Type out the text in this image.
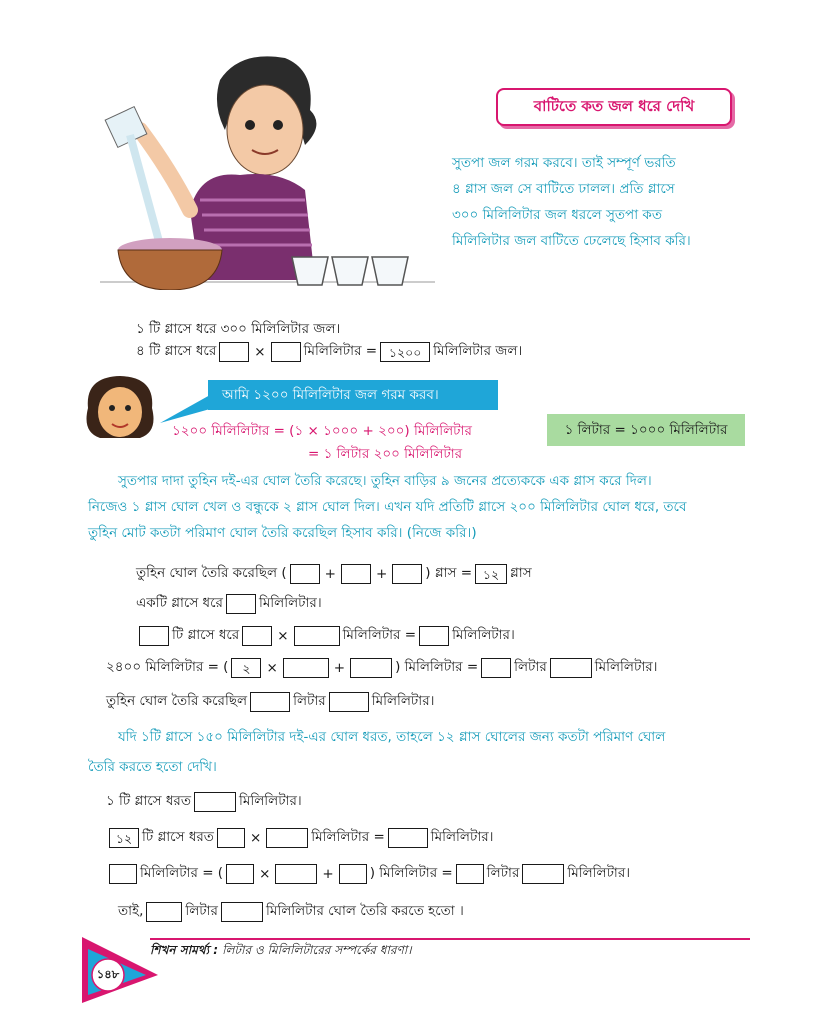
বাটিতে কত জল ধরে দেখি
সুতপা জল গরম করবে। তাই সম্পূর্ণ ভরতি
৪ গ্লাস জল সে বাটিতে ঢালল। প্রতি গ্লাসে
৩০০ মিলিলিটার জল ধরলে সুতপা কত
মিলিলিটার জল বাটিতে ঢেলেছে হিসাব করি।
১ টি গ্লাসে ধরে ৩০০ মিলিলিটার জল।
৪ টি গ্লাসে ধরে	×	মিলিলিটার = ১২০০ মিলিলিটার জল।
আমি ১২০০ মিলিলিটার জল গরম করব।
১২০০ মিলিলিটার = (১ × ১০০০ + ২০০) মিলিলিটার
= ১ লিটার ২০০ মিলিলিটার
১ লিটার = ১০০০ মিলিলিটার
সুতপার দাদা তুহিন দই-এর ঘোল তৈরি করেছে। তুহিন বাড়ির ৯ জনের প্রত্যেককে এক গ্লাস করে দিল।
নিজেও ১ গ্লাস ঘোল খেল ও বন্ধুকে ২ গ্লাস ঘোল দিল। এখন যদি প্রতিটি গ্লাসে ২০০ মিলিলিটার ঘোল ধরে, তবে
তুহিন মোট কতটা পরিমাণ ঘোল তৈরি করেছিল হিসাব করি। (নিজে করি।)
তুহিন ঘোল তৈরি করেছিল (	+	+	) গ্লাস = ১২ গ্লাস
একটি গ্লাসে ধরে	মিলিলিটার।
টি গ্লাসে ধরে	×	মিলিলিটার =	মিলিলিটার।
২৪০০ মিলিলিটার = (	২	×	+	) মিলিলিটার =	লিটার	মিলিলিটার।
তুহিন ঘোল তৈরি করেছিল	লিটার	মিলিলিটার।
যদি ১টি গ্লাসে ১৫০ মিলিলিটার দই-এর ঘোল ধরত, তাহলে ১২ গ্লাস ঘোলের জন্য কতটা পরিমাণ ঘোল
তৈরি করতে হতো দেখি।
১ টি গ্লাসে ধরত	মিলিলিটার।
১২ টি গ্লাসে ধরত	×	মিলিলিটার =	মিলিলিটার।
মিলিলিটার = (	×	+	) মিলিলিটার =	লিটার	মিলিলিটার।
তাই,	লিটার	মিলিলিটার ঘোল তৈরি করতে হতো ।
শিখন সামর্থ্য : লিটার ও মিলিলিটারের সম্পর্কের ধারণা।
১৪৮
